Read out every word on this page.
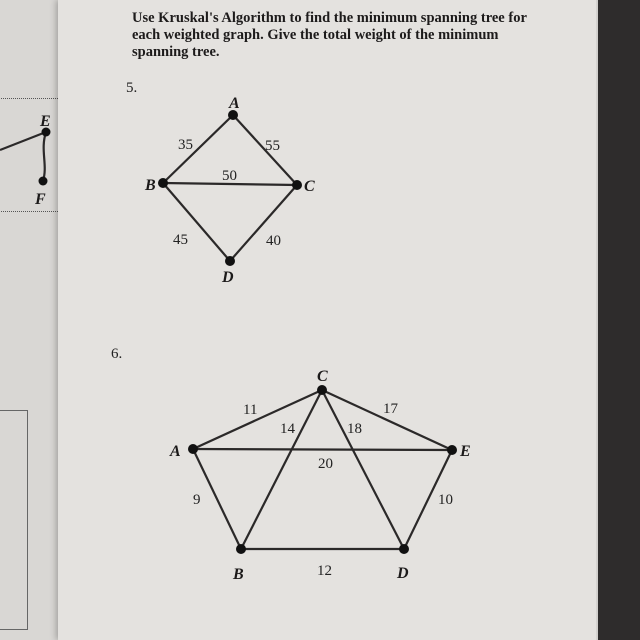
Use Kruskal's Algorithm to find the minimum spanning tree for each weighted graph. Give the total weight of the minimum spanning tree.

5.
6.
E
F
A
B	C
D
35	55
50
45	40
A
B
C
D
E
11	17
14	18
20
9	10
12
